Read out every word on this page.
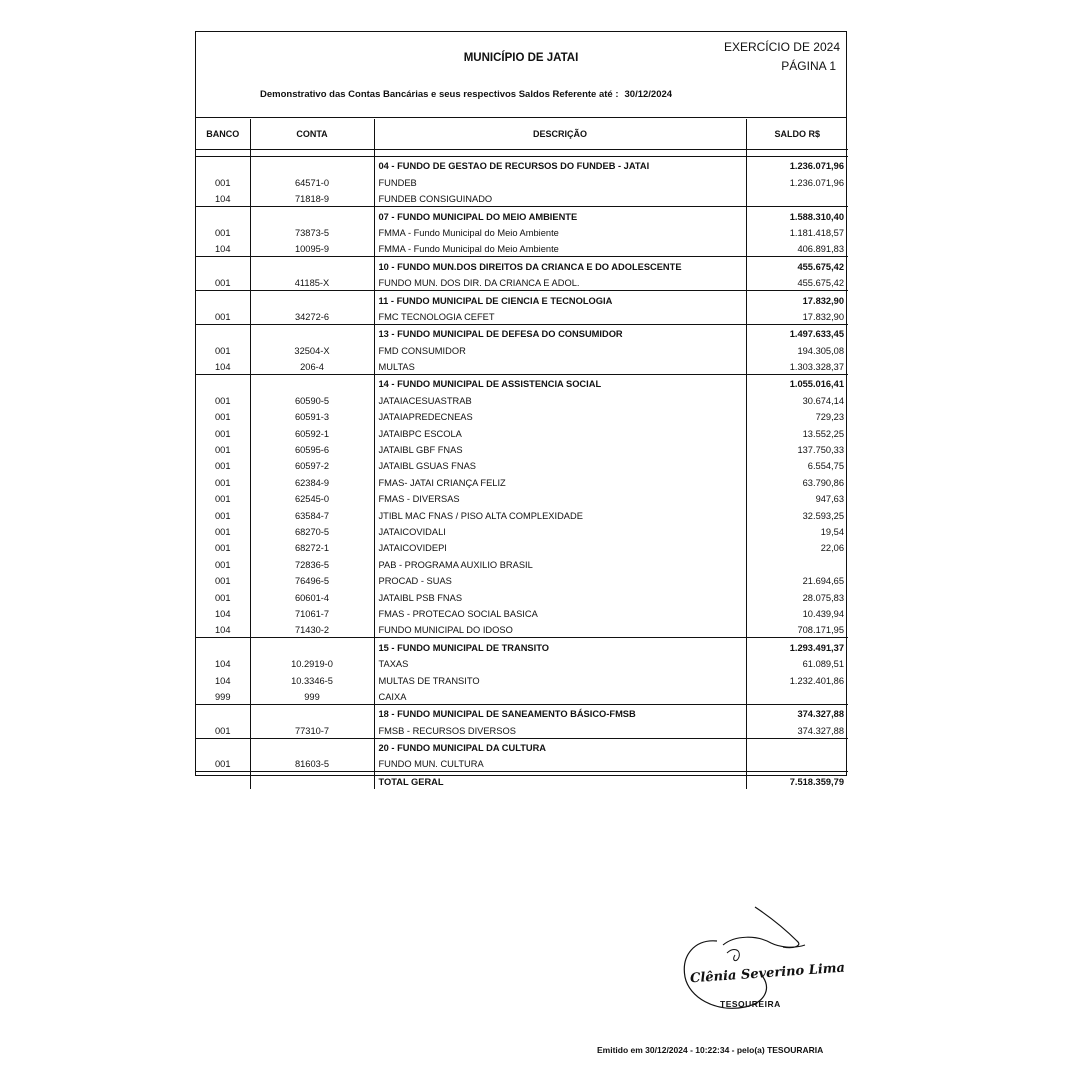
MUNICÍPIO DE JATAI
EXERCÍCIO DE 2024
PÁGINA 1
Demonstrativo das Contas Bancárias e seus respectivos Saldos Referente até : 30/12/2024
BANCO	CONTA	DESCRIÇÃO	SALDO R$

		04 - FUNDO DE GESTAO DE RECURSOS DO FUNDEB - JATAI	1.236.071,96
001	64571-0	FUNDEB	1.236.071,96
104	71818-9	FUNDEB CONSIGUINADO	
		07 - FUNDO MUNICIPAL DO MEIO AMBIENTE	1.588.310,40
001	73873-5	FMMA - Fundo Municipal do Meio Ambiente	1.181.418,57
104	10095-9	FMMA - Fundo Municipal do Meio Ambiente	406.891,83
		10 - FUNDO MUN.DOS DIREITOS DA CRIANCA E DO ADOLESCENTE	455.675,42
001	41185-X	FUNDO MUN. DOS DIR. DA CRIANCA E ADOL.	455.675,42
		11 - FUNDO MUNICIPAL DE CIENCIA E TECNOLOGIA	17.832,90
001	34272-6	FMC TECNOLOGIA CEFET	17.832,90
		13 - FUNDO MUNICIPAL DE DEFESA DO CONSUMIDOR	1.497.633,45
001	32504-X	FMD CONSUMIDOR	194.305,08
104	206-4	MULTAS	1.303.328,37
		14 - FUNDO MUNICIPAL DE ASSISTENCIA SOCIAL	1.055.016,41
001	60590-5	JATAIACESUASTRAB	30.674,14
001	60591-3	JATAIAPREDECNEAS	729,23
001	60592-1	JATAIBPC ESCOLA	13.552,25
001	60595-6	JATAIBL GBF FNAS	137.750,33
001	60597-2	JATAIBL GSUAS FNAS	6.554,75
001	62384-9	FMAS- JATAI CRIANÇA FELIZ	63.790,86
001	62545-0	FMAS - DIVERSAS	947,63
001	63584-7	JTIBL MAC FNAS / PISO ALTA COMPLEXIDADE	32.593,25
001	68270-5	JATAICOVIDALI	19,54
001	68272-1	JATAICOVIDEPI	22,06
001	72836-5	PAB - PROGRAMA AUXILIO BRASIL	
001	76496-5	PROCAD - SUAS	21.694,65
001	60601-4	JATAIBL PSB FNAS	28.075,83
104	71061-7	FMAS - PROTECAO SOCIAL BASICA	10.439,94
104	71430-2	FUNDO MUNICIPAL DO IDOSO	708.171,95
		15 - FUNDO MUNICIPAL DE TRANSITO	1.293.491,37
104	10.2919-0	TAXAS	61.089,51
104	10.3346-5	MULTAS DE TRANSITO	1.232.401,86
999	999	CAIXA	
		18 - FUNDO MUNICIPAL DE SANEAMENTO BÁSICO-FMSB	374.327,88
001	77310-7	FMSB - RECURSOS DIVERSOS	374.327,88
		20 - FUNDO MUNICIPAL DA CULTURA	
001	81603-5	FUNDO MUN. CULTURA	
		TOTAL GERAL	7.518.359,79
Clênia Severino Lima
TESOUREIRA
Emitido em 30/12/2024 - 10:22:34 - pelo(a) TESOURARIA
